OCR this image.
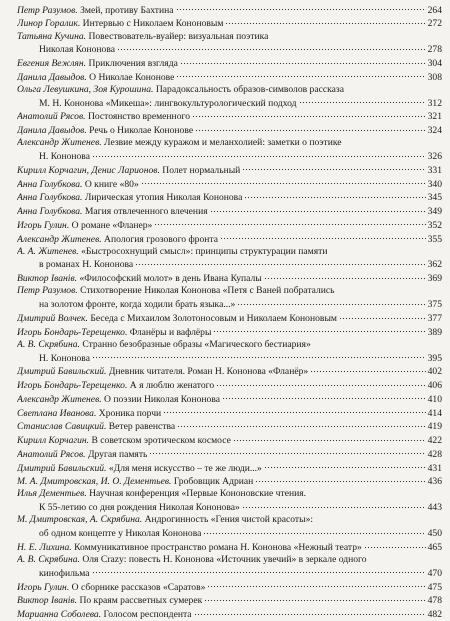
Петр Разумов. Змей, противу Бахтина	264
Линор Горалик. Интервью с Николаем Кононовым	272
Татьяна Кучина. Повествователь-вуайер: визуальная поэтика
Николая Кононова	278
Евгения Вежлян. Приключения взгляда	304
Данила Давыдов. О Николае Кононове	308
Ольга Левушкина, Зоя Курошина. Парадоксальность образов-символов рассказа
М. Н. Кононова «Микеша»: лингвокультурологический подход	312
Анатолий Рясов. Постоянство временного	321
Данила Давыдов. Речь о Николае Кононове	324
Александр Житенев. Лезвие между куражом и меланхолией: заметки о поэтике
Н. Кононова	326
Кирилл Корчагин, Денис Ларионов. Полет нормальный	331
Анна Голубкова. О книге «80»	340
Анна Голубкова. Лирическая утопия Николая Кононова	345
Анна Голубкова. Магия отвлеченного влечения	349
Игорь Гулин. О романе «Фланер»	352
Александр Житенев. Апология грозового фронта	355
А. А. Житенев. «Быстросохнущий смысл»: принципы структурации памяти
в романах Н. Кононова	362
Виктор Іванів. «Философский молот» в день Ивана Купалы	369
Петр Разумов. Стихотворение Николая Кононова «Петя с Ваней побратались
на золотом фронте, когда ходили брать языка...»	375
Дмитрий Волчек. Беседа с Михаилом Золотоносовым и Николаем Кононовым	377
Игорь Бондарь-Терещенко. Фланёры и вафлёры	389
А. В. Скрябина. Странно безобразные образы «Магического бестиария»
Н. Кононова	395
Дмитрий Бавильский. Дневник читателя. Роман Н. Кононова «Фланёр»	402
Игорь Бондарь-Терещенко. А я люблю женатого	406
Александр Житенев. О поэзии Николая Кононова	410
Светлана Иванова. Хроника порчи	414
Станислав Савицкий. Ветер равенства	419
Кирилл Корчагин. В советском эротическом космосе	422
Анатолий Рясов. Другая память	428
Дмитрий Бавильский. «Для меня искусство – те же люди...»	431
М. А. Дмитровская, И. О. Дементьев. Гробовщик Адриан	436
Илья Дементьев. Научная конференция «Первые Кононовские чтения.
К 55-летию со дня рождения Николая Кононова»	443
М. Дмитровская, А. Скрябина. Андрогинность «Гения чистой красоты»:
об одном концепте у Николая Кононова	450
Н. Е. Лихина. Коммуникативное пространство романа Н. Кононова «Нежный театр»	465
А. В. Скрябина. Оля Crazy: повесть Н. Кононова «Источник увечий» в зеркале одного
кинофильма	470
Игорь Гулин. О сборнике рассказов «Саратов»	475
Виктор Іванів. По краям рассветных сумерек	478
Марианна Соболева. Голосом респондента	482
